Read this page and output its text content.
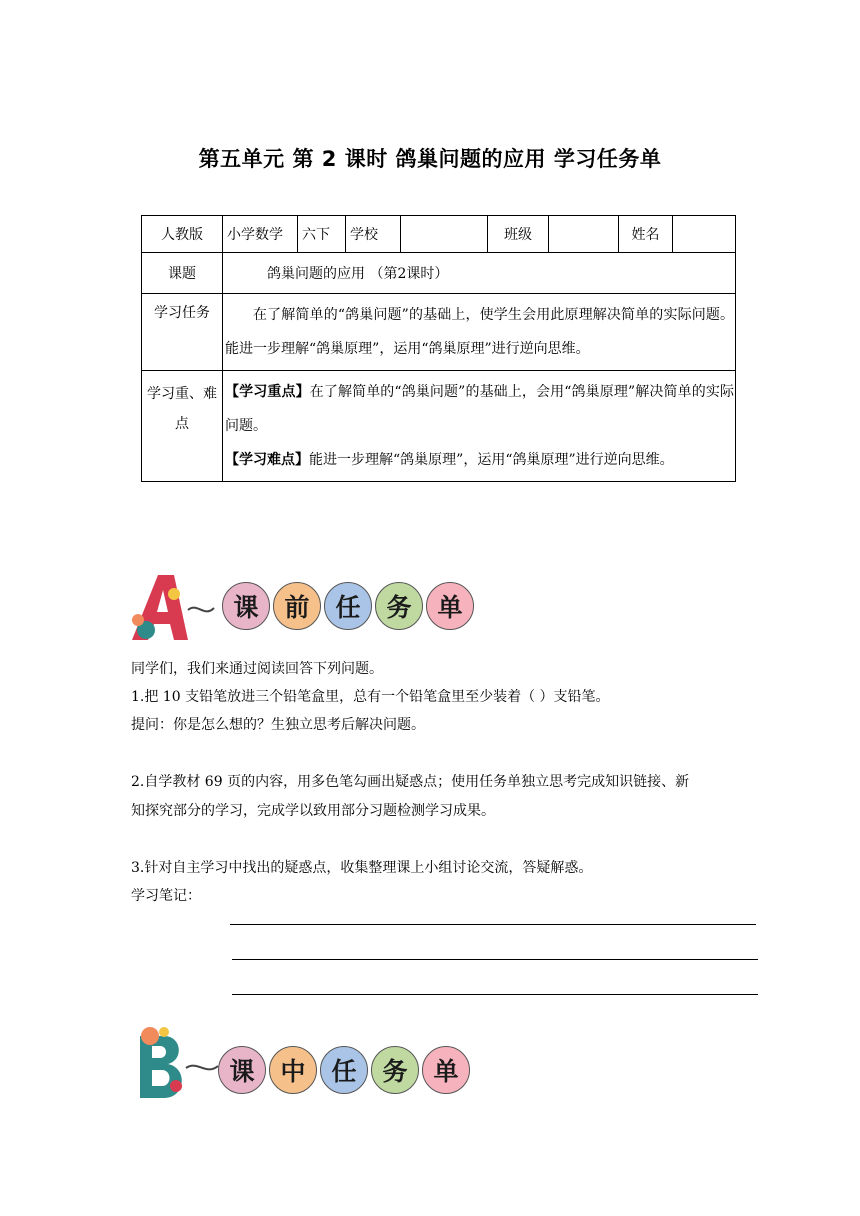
第五单元 第 2 课时 鸽巢问题的应用 学习任务单
人教版	小学数学	六下	学校		班级		姓名	
课题	鸽巢问题的应用 （第2课时）							
学习任务	在了解简单的“鸽巢问题”的基础上，使学生会用此原理解决简单的实际问题。能进一步理解“鸽巢原理”，运用“鸽巢原理”进行逆向思维。							
学习重、难点	【学习重点】在了解简单的“鸽巢问题”的基础上，会用“鸽巢原理”解决简单的实际问题。
【学习难点】能进一步理解“鸽巢原理”，运用“鸽巢原理”进行逆向思维。							
课	前	任	务	单
同学们，我们来通过阅读回答下列问题。
1.把 10 支铅笔放进三个铅笔盒里，总有一个铅笔盒里至少装着（ ）支铅笔。
提问：你是怎么想的？生独立思考后解决问题。
2.自学教材 69 页的内容，用多色笔勾画出疑惑点；使用任务单独立思考完成知识链接、新
知探究部分的学习，完成学以致用部分习题检测学习成果。
3.针对自主学习中找出的疑惑点，收集整理课上小组讨论交流，答疑解惑。
学习笔记：
课	中	任	务	单
